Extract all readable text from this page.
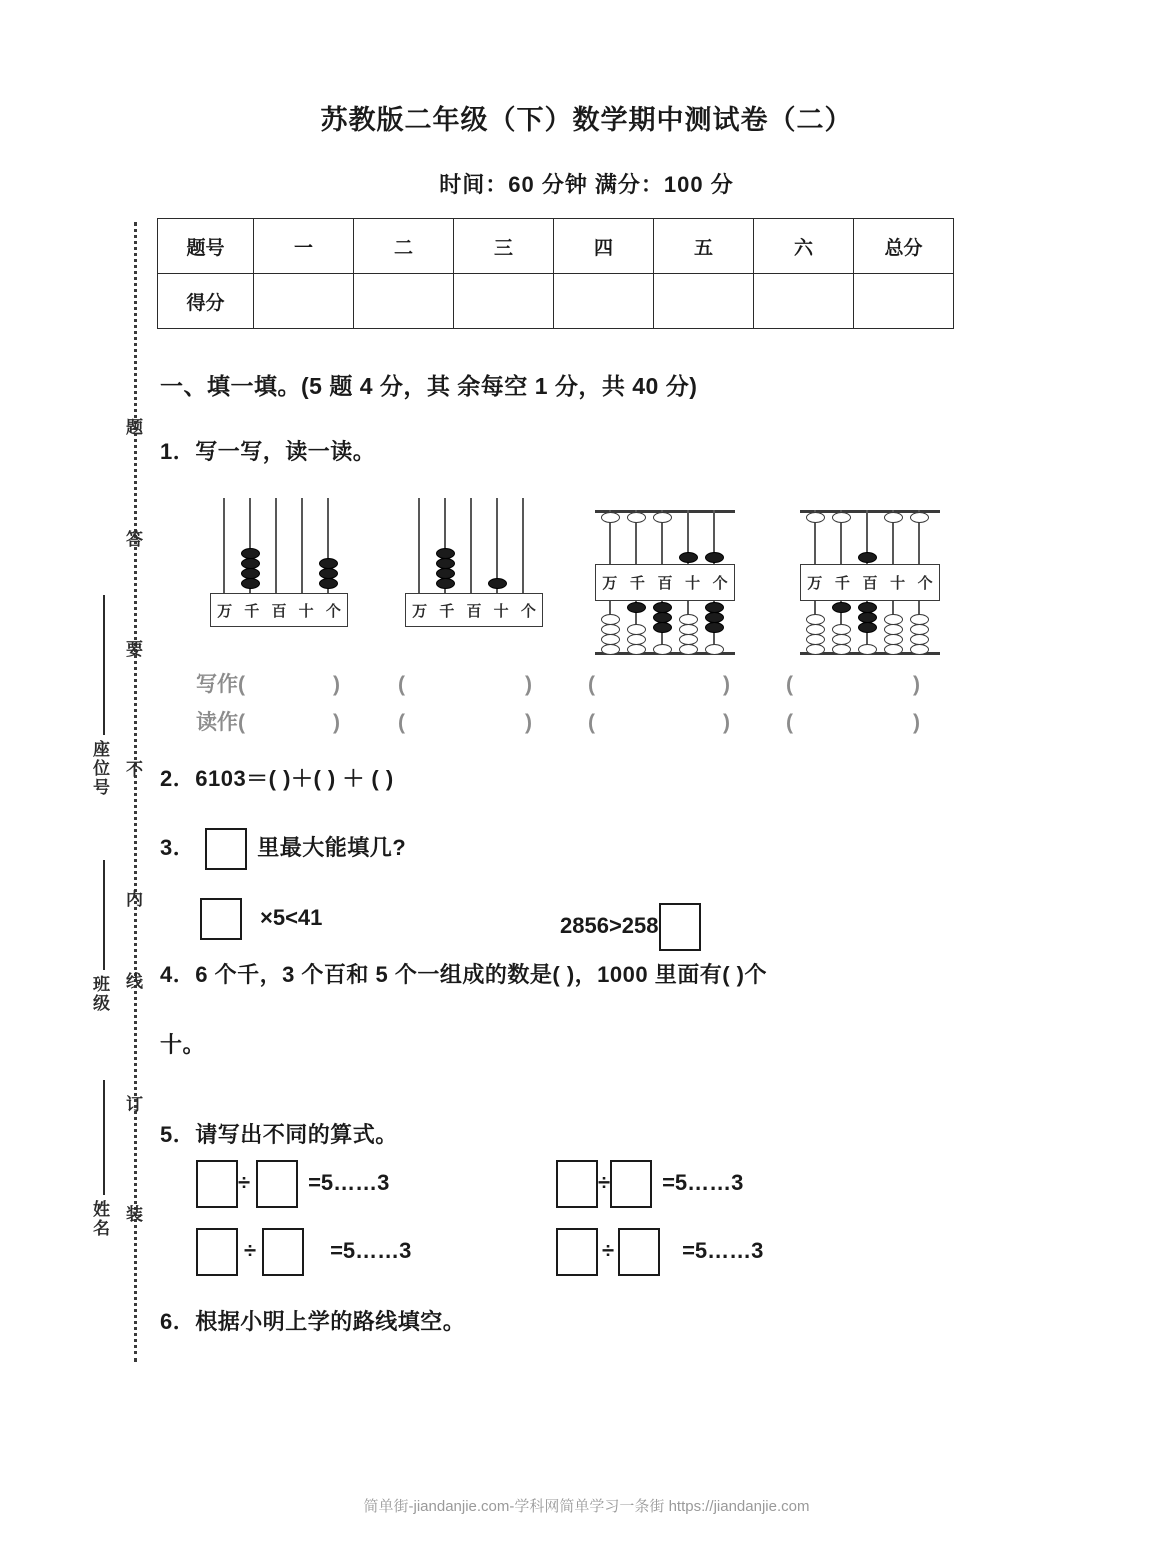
苏教版二年级（下）数学期中测试卷（二）
时间：60 分钟 满分：100 分
题号	一	二	三	四	五	六	总分
得分							
一、填一填。(5 题 4 分，其 余每空 1 分，共 40 分)
1．写一写，读一读。
万 千 百 十 个	万 千 百 十 个
万 千 百 十 个	万 千 百 十 个
写作(	)	(	)	(	)	(	)
读作(	)	(	)	(	)	(	)
2．6103＝( )＋( ) ＋ ( )
3．	里最大能填几?
×5<41	2856>258
4．6 个千，3 个百和 5 个一组成的数是( )，1000 里面有( )个
十。
5．请写出不同的算式。
÷	=5……3	÷ =5……3
÷	=5……3	÷	=5……3
6．根据小明上学的路线填空。
题
答
要
不
内
线
订
装
座位号
班级
姓名
简单街-jiandanjie.com-学科网简单学习一条街 https://jiandanjie.com
